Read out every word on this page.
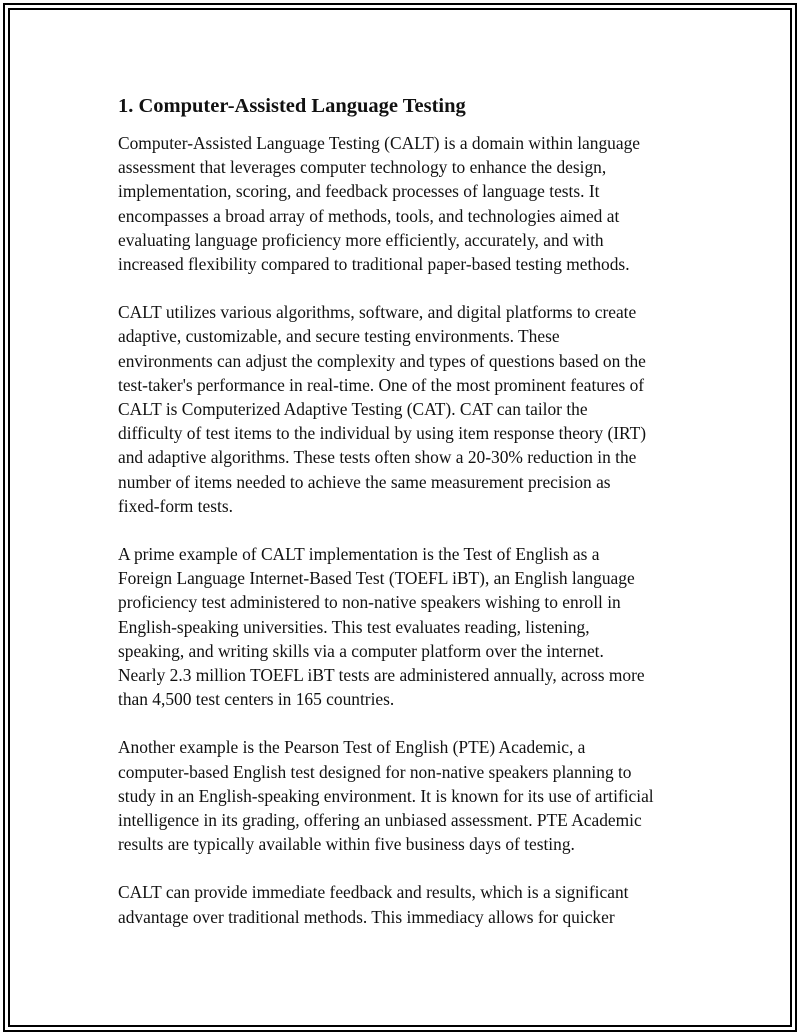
1. Computer-Assisted Language Testing

Computer-Assisted Language Testing (CALT) is a domain within language
assessment that leverages computer technology to enhance the design,
implementation, scoring, and feedback processes of language tests. It
encompasses a broad array of methods, tools, and technologies aimed at
evaluating language proficiency more efficiently, accurately, and with
increased flexibility compared to traditional paper-based testing methods.

CALT utilizes various algorithms, software, and digital platforms to create
adaptive, customizable, and secure testing environments. These
environments can adjust the complexity and types of questions based on the
test-taker's performance in real-time. One of the most prominent features of
CALT is Computerized Adaptive Testing (CAT). CAT can tailor the
difficulty of test items to the individual by using item response theory (IRT)
and adaptive algorithms. These tests often show a 20-30% reduction in the
number of items needed to achieve the same measurement precision as
fixed-form tests.

A prime example of CALT implementation is the Test of English as a
Foreign Language Internet-Based Test (TOEFL iBT), an English language
proficiency test administered to non-native speakers wishing to enroll in
English-speaking universities. This test evaluates reading, listening,
speaking, and writing skills via a computer platform over the internet.
Nearly 2.3 million TOEFL iBT tests are administered annually, across more
than 4,500 test centers in 165 countries.

Another example is the Pearson Test of English (PTE) Academic, a
computer-based English test designed for non-native speakers planning to
study in an English-speaking environment. It is known for its use of artificial
intelligence in its grading, offering an unbiased assessment. PTE Academic
results are typically available within five business days of testing.

CALT can provide immediate feedback and results, which is a significant
advantage over traditional methods. This immediacy allows for quicker
